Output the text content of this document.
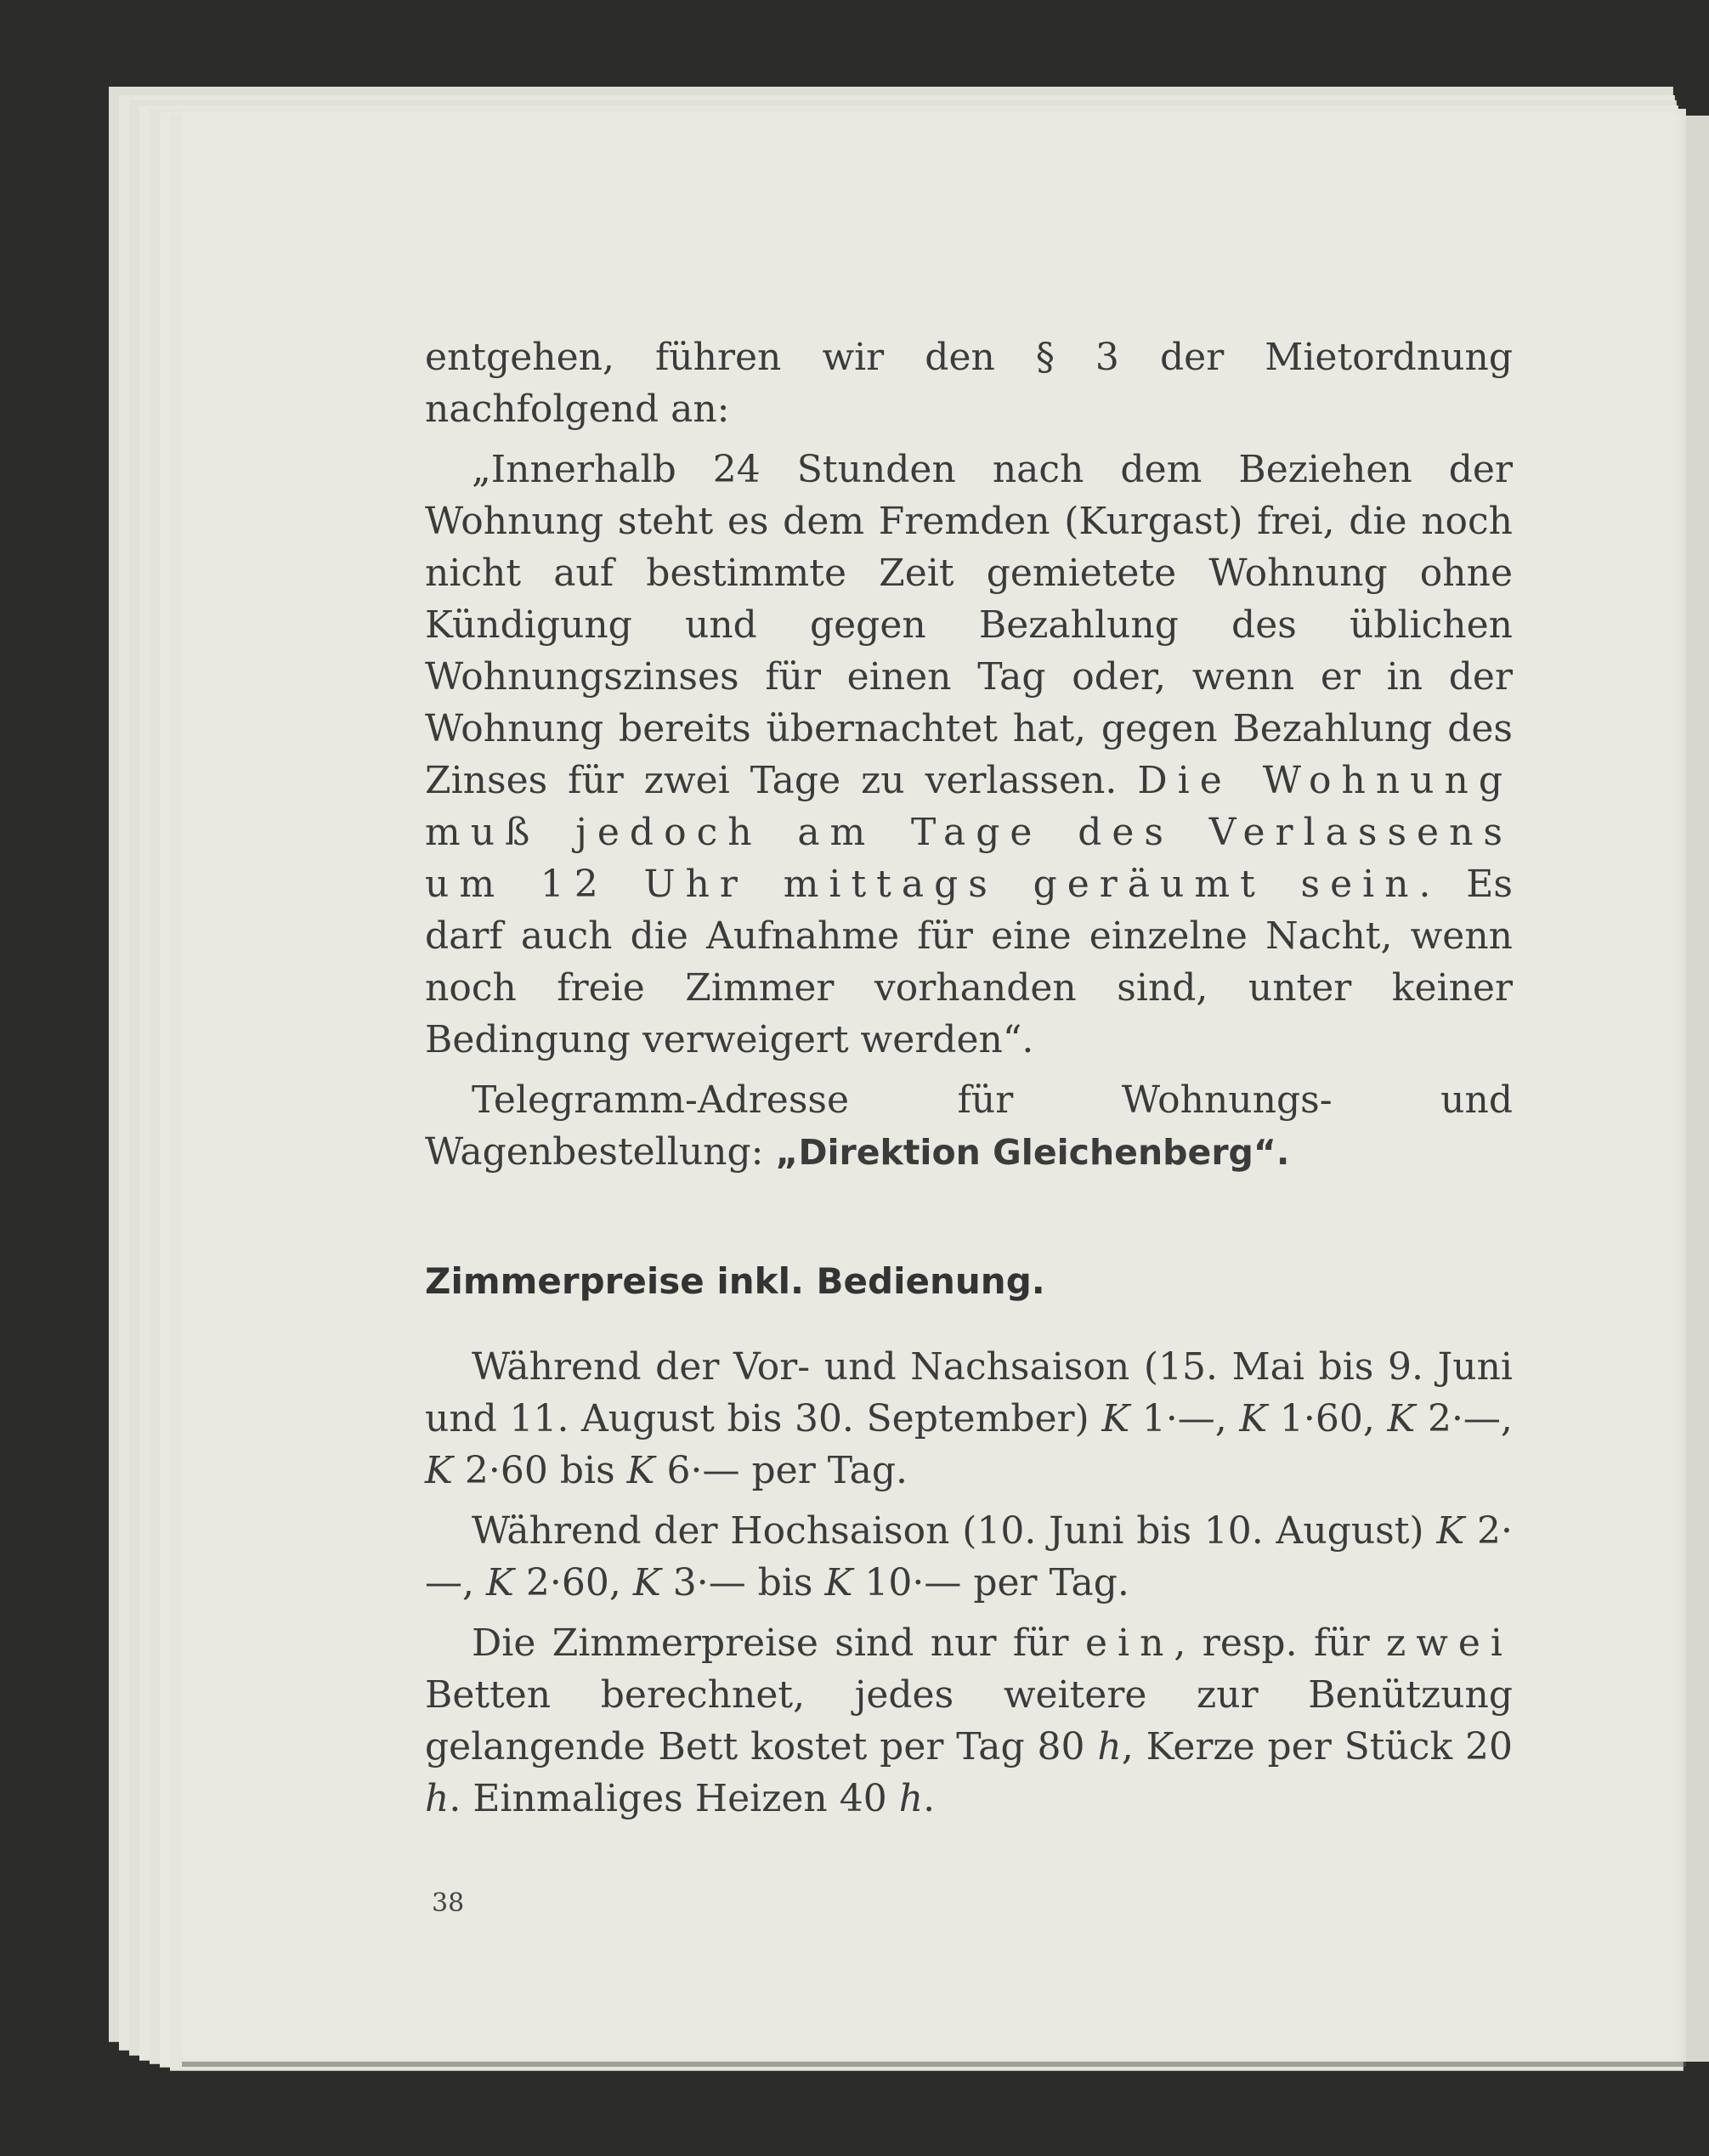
entgehen, führen wir den § 3 der Mietordnung nachfolgend an:

„Innerhalb 24 Stunden nach dem Beziehen der Wohnung steht es dem Fremden (Kurgast) frei, die noch nicht auf bestimmte Zeit gemietete Wohnung ohne Kündigung und gegen Bezahlung des üblichen Wohnungszinses für einen Tag oder, wenn er in der Wohnung bereits übernachtet hat, gegen Bezahlung des Zinses für zwei Tage zu verlassen. Die Wohnung muß jedoch am Tage des Verlassens um 12 Uhr mittags geräumt sein. Es darf auch die Aufnahme für eine einzelne Nacht, wenn noch freie Zimmer vorhanden sind, unter keiner Bedingung verweigert werden“.

Telegramm-Adresse für Wohnungs- und Wagenbestellung: „Direktion Gleichenberg“.

Zimmerpreise inkl. Bedienung.

Während der Vor- und Nachsaison (15. Mai bis 9. Juni und 11. August bis 30. September) K 1·—, K 1·60, K 2·—, K 2·60 bis K 6·— per Tag.

Während der Hochsaison (10. Juni bis 10. August) K 2·—, K 2·60, K 3·— bis K 10·— per Tag.

Die Zimmerpreise sind nur für ein, resp. für zwei Betten berechnet, jedes weitere zur Benützung gelangende Bett kostet per Tag 80 h, Kerze per Stück 20 h. Einmaliges Heizen 40 h.

38
